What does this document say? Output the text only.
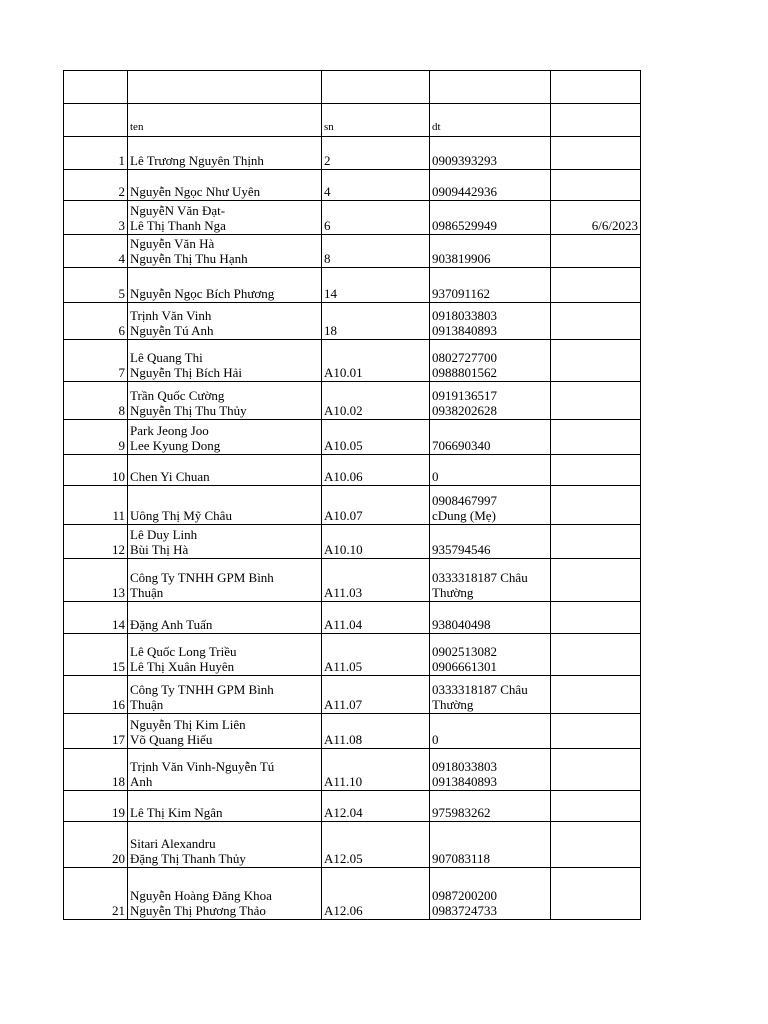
	ten	sn	dt	

1	Lê Trương Nguyên Thịnh	2	0909393293	

2	Nguyễn Ngọc Như Uyên	4	0909442936	

3	NguyễN Văn Đạt-
Lê Thị Thanh Nga	6	0986529949	6/6/2023

4	Nguyễn Văn Hà
Nguyễn Thị Thu Hạnh	8	903819906	

5	Nguyễn Ngọc Bích Phương	14	937091162	

6	Trịnh Văn Vinh
Nguyễn Tú Anh	18	0918033803
0913840893	

7	Lê Quang Thi
Nguyễn Thị Bích Hải	A10.01	0802727700
0988801562	

8	Trần Quốc Cường
Nguyễn Thị Thu Thủy	A10.02	0919136517
0938202628	

9	Park Jeong Joo
Lee Kyung Dong	A10.05	706690340	

10	Chen Yi Chuan	A10.06	0	

11	Uông Thị Mỹ Châu	A10.07	0908467997
cDung (Mẹ)	

12	Lê Duy Linh
Bùi Thị Hà	A10.10	935794546	

13	Công Ty TNHH GPM Bình
Thuận	A11.03	0333318187 Châu
Thường	

14	Đặng Anh Tuấn	A11.04	938040498	

15	Lê Quốc Long Triều
Lê Thị Xuân Huyên	A11.05	0902513082
0906661301	

16	Công Ty TNHH GPM Bình
Thuận	A11.07	0333318187 Châu
Thường	

17	Nguyễn Thị Kim Liên
Võ Quang Hiếu	A11.08	0	

18	Trịnh Văn Vinh-Nguyễn Tú
Anh	A11.10	0918033803
0913840893	

19	Lê Thị Kim Ngân	A12.04	975983262	

20	Sitari Alexandru
Đặng Thị Thanh Thủy	A12.05	907083118	

21	Nguyễn Hoàng Đăng Khoa
Nguyễn Thị Phương Thảo	A12.06	0987200200
0983724733	
